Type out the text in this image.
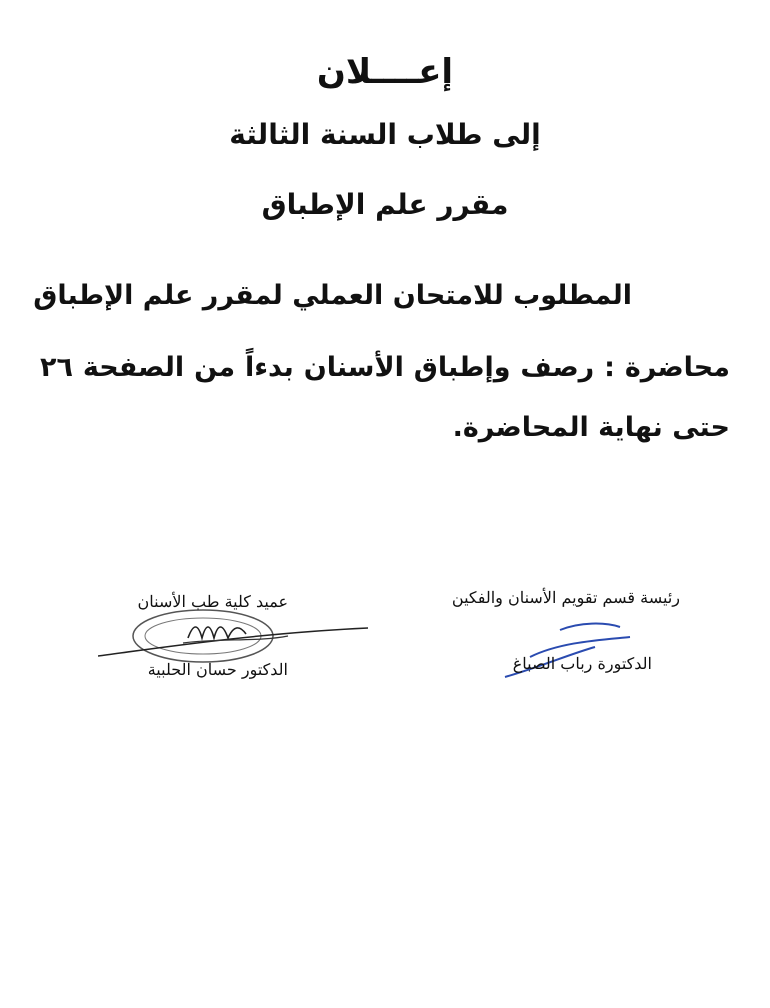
إعــــلان
إلى طلاب السنة الثالثة
مقرر علم الإطباق
المطلوب للامتحان العملي لمقرر علم الإطباق
محاضرة : رصف وإطباق الأسنان بدءاً من الصفحة ٢٦ حتى نهاية المحاضرة.
عميد كلية طب الأسنان
الدكتور حسان الحلبية
رئيسة قسم تقويم الأسنان والفكين
الدكتورة رباب الصباغ
